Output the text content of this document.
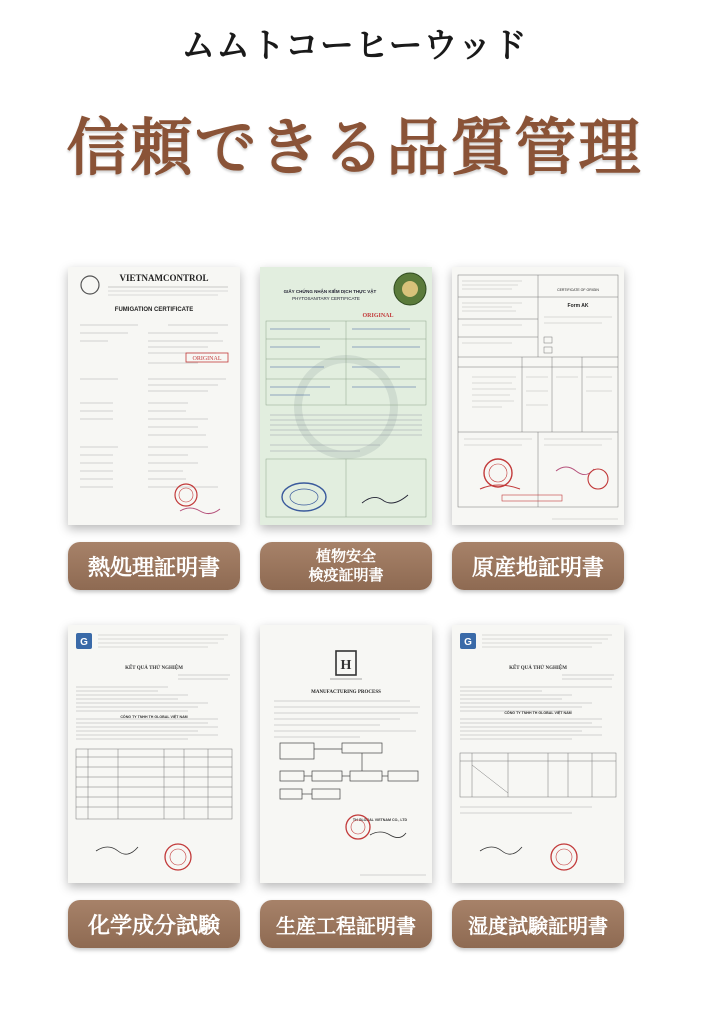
ムムトコーヒーウッド
信頼できる品質管理
VIETNAMCONTROL
FUMIGATION CERTIFICATE
ORIGINAL
GIẤY CHỨNG NHẬN KIỂM DỊCH THỰC VẬT
PHYTOSANITARY CERTIFICATE
ORIGINAL
Form AK
CERTIFICATE OF ORIGIN
熱処理証明書	植物安全
検疫証明書	原産地証明書
G
KẾT QUẢ THỬ NGHIỆM
CÔNG TY TNHH TH GLOBAL VIỆT NAM
H
MANUFACTURING PROCESS
TH GLOBAL VIETNAM CO., LTD
G
KẾT QUẢ THỬ NGHIỆM
CÔNG TY TNHH TH GLOBAL VIỆT NAM
化学成分試験	生産工程証明書	湿度試験証明書
